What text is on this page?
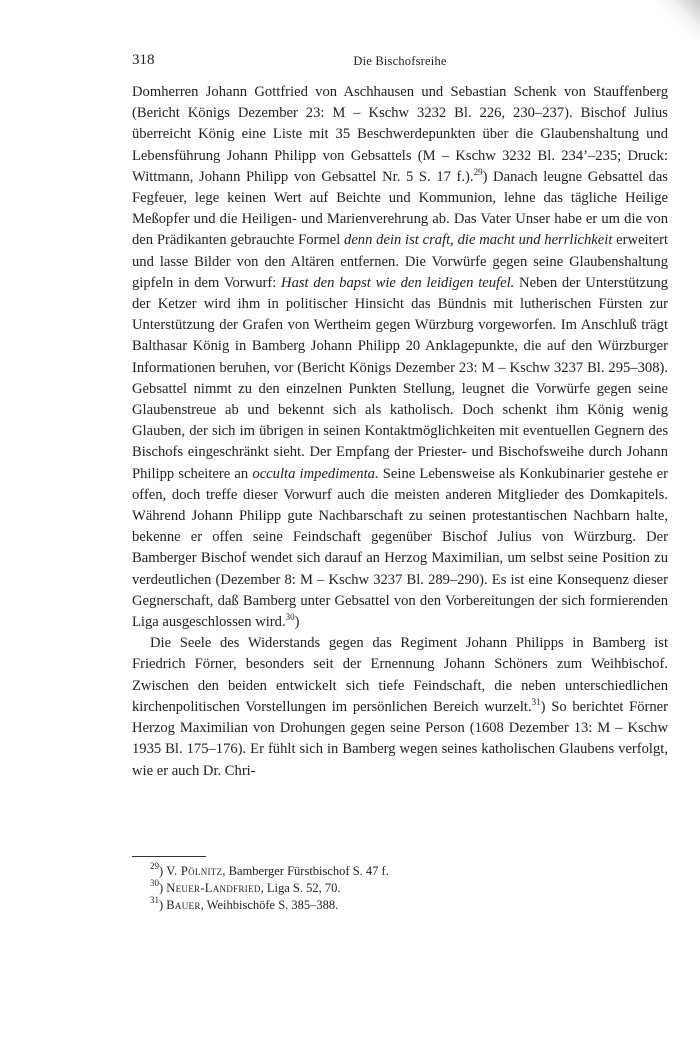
318	Die Bischofsreihe

Domherren Johann Gottfried von Aschhausen und Sebastian Schenk von Stauffenberg (Bericht Königs Dezember 23: M – Kschw 3232 Bl. 226, 230–237). Bischof Julius überreicht König eine Liste mit 35 Beschwerdepunkten über die Glaubenshaltung und Lebensführung Johann Philipp von Gebsattels (M – Kschw 3232 Bl. 234’–235; Druck: Wittmann, Johann Philipp von Gebsattel Nr. 5 S. 17 f.).$^{29}$) Danach leugne Gebsattel das Fegfeuer, lege keinen Wert auf Beichte und Kommunion, lehne das tägliche Heilige Meßopfer und die Heiligen- und Marienverehrung ab. Das Vater Unser habe er um die von den Prädikanten gebrauchte Formel denn dein ist craft, die macht und herrlichkeit erweitert und lasse Bilder von den Altären entfernen. Die Vorwürfe gegen seine Glaubenshaltung gipfeln in dem Vorwurf: Hast den bapst wie den leidigen teufel. Neben der Unterstützung der Ketzer wird ihm in politischer Hinsicht das Bündnis mit lutherischen Fürsten zur Unterstützung der Grafen von Wertheim gegen Würzburg vorgeworfen. Im Anschluß trägt Balthasar König in Bamberg Johann Philipp 20 Anklagepunkte, die auf den Würzburger Informationen beruhen, vor (Bericht Königs Dezember 23: M – Kschw 3237 Bl. 295–308). Gebsattel nimmt zu den einzelnen Punkten Stellung, leugnet die Vorwürfe gegen seine Glaubenstreue ab und bekennt sich als katholisch. Doch schenkt ihm König wenig Glauben, der sich im übrigen in seinen Kontaktmöglichkeiten mit eventuellen Gegnern des Bischofs eingeschränkt sieht. Der Empfang der Priester- und Bischofsweihe durch Johann Philipp scheitere an occulta impedimenta. Seine Lebensweise als Konkubinarier gestehe er offen, doch treffe dieser Vorwurf auch die meisten anderen Mitglieder des Domkapitels. Während Johann Philipp gute Nachbarschaft zu seinen protestantischen Nachbarn halte, bekenne er offen seine Feindschaft gegenüber Bischof Julius von Würzburg. Der Bamberger Bischof wendet sich darauf an Herzog Maximilian, um selbst seine Position zu verdeutlichen (Dezember 8: M – Kschw 3237 Bl. 289–290). Es ist eine Konsequenz dieser Gegnerschaft, daß Bamberg unter Gebsattel von den Vorbereitungen der sich formierenden Liga ausgeschlossen wird.$^{30}$)

Die Seele des Widerstands gegen das Regiment Johann Philipps in Bamberg ist Friedrich Förner, besonders seit der Ernennung Johann Schöners zum Weihbischof. Zwischen den beiden entwickelt sich tiefe Feindschaft, die neben unterschiedlichen kirchenpolitischen Vorstellungen im persönlichen Bereich wurzelt.$^{31}$) So berichtet Förner Herzog Maximilian von Drohungen gegen seine Person (1608 Dezember 13: M – Kschw 1935 Bl. 175–176). Er fühlt sich in Bamberg wegen seines katholischen Glaubens verfolgt, wie er auch Dr. Chri-

$^{29}$) V. Pölnitz, Bamberger Fürstbischof S. 47 f.

$^{30}$) Neuer-Landfried, Liga S. 52, 70.

$^{31}$) Bauer, Weihbischöfe S. 385–388.
